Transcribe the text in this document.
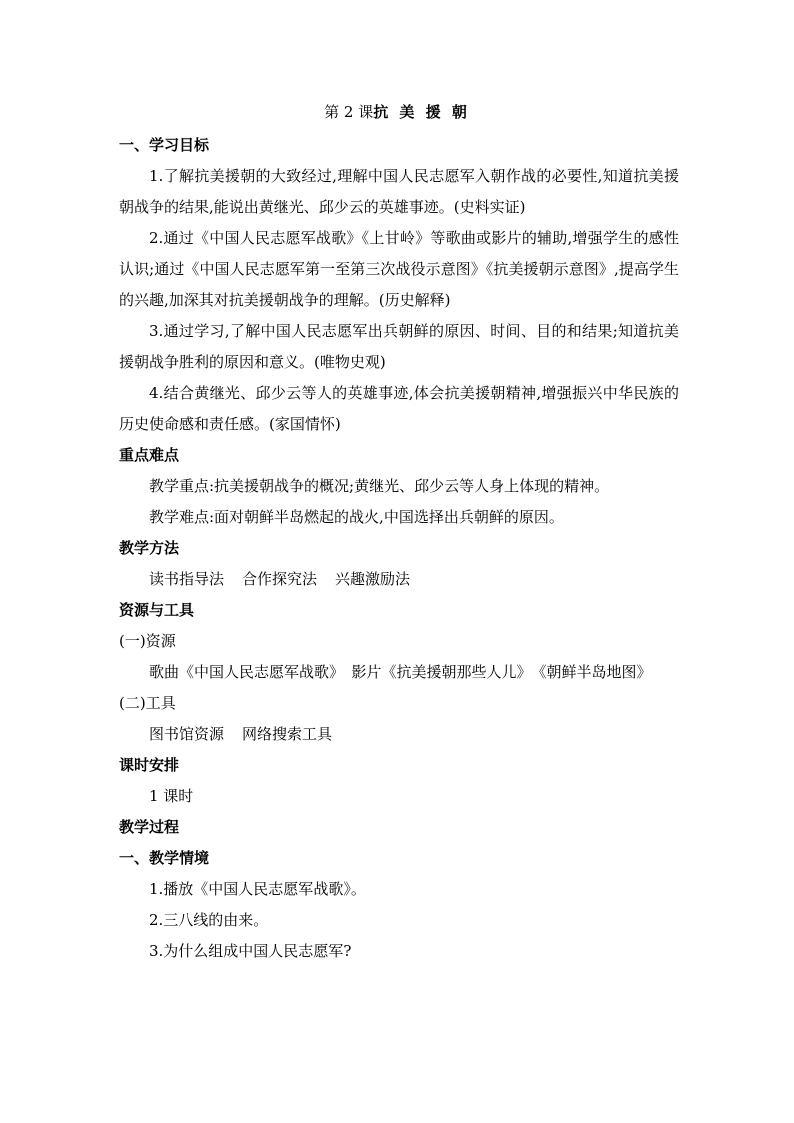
第 2 课抗 美 援 朝

一、学习目标

1.了解抗美援朝的大致经过,理解中国人民志愿军入朝作战的必要性,知道抗美援朝战争的结果,能说出黄继光、邱少云的英雄事迹。(史料实证)

2.通过《中国人民志愿军战歌》《上甘岭》等歌曲或影片的辅助,增强学生的感性认识;通过《中国人民志愿军第一至第三次战役示意图》《抗美援朝示意图》,提高学生的兴趣,加深其对抗美援朝战争的理解。(历史解释)

3.通过学习,了解中国人民志愿军出兵朝鲜的原因、时间、目的和结果;知道抗美援朝战争胜利的原因和意义。(唯物史观)

4.结合黄继光、邱少云等人的英雄事迹,体会抗美援朝精神,增强振兴中华民族的历史使命感和责任感。(家国情怀)

重点难点

教学重点:抗美援朝战争的概况;黄继光、邱少云等人身上体现的精神。

教学难点:面对朝鲜半岛燃起的战火,中国选择出兵朝鲜的原因。

教学方法

读书指导法 合作探究法 兴趣激励法

资源与工具

(一)资源

歌曲《中国人民志愿军战歌》　影片《抗美援朝那些人儿》　《朝鲜半岛地图》

(二)工具

图书馆资源 网络搜索工具

课时安排

1 课时

教学过程

一、教学情境

1.播放《中国人民志愿军战歌》。

2.三八线的由来。

3.为什么组成中国人民志愿军?
